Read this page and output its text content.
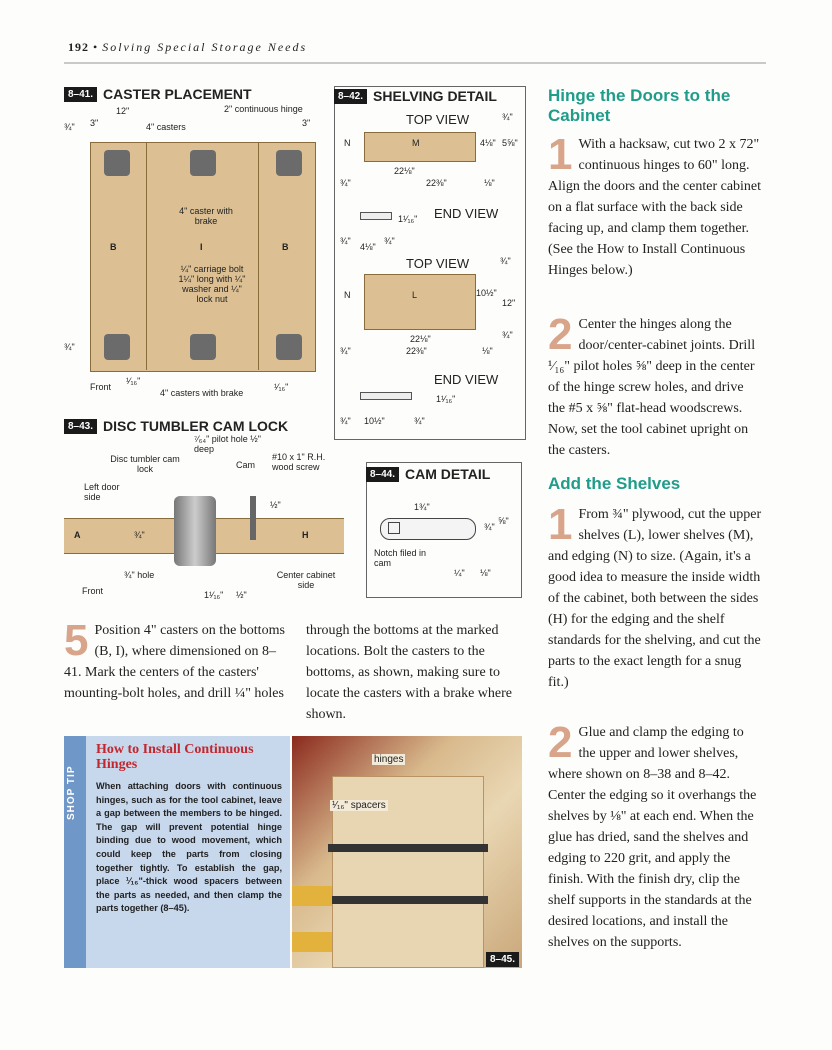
192 • Solving Special Storage Needs
8–41. CASTER PLACEMENT
12"	2" continuous hinge
3"	4" casters	3"
¾"
4" caster with brake
B	I	B
¼" carriage bolt 1¼" long with ¼" washer and ¼" lock nut
¾"
Front
¹⁄₁₆"
4" casters with brake
¹⁄₁₆"
8–42. SHELVING DETAIL
TOP VIEW	¾"
N	M	4⅛" 5⅝"
22⅛"
22⅜"	⅛"
¾"
END VIEW
1¹⁄₁₆"
¾"
4⅛"
¾"
TOP VIEW	¾"
N	L	10½"
12"
¾"
22⅛"
22⅜"	⅛"
¾"
END VIEW
1¹⁄₁₆"
¾" 10½"	¾"
8–43. DISC TUMBLER CAM LOCK
⁷⁄₆₄" pilot hole ½" deep
Disc tumbler cam lock	Cam
#10 x 1" R.H. wood screw
Left door side
A	¾"	H
½"
¾" hole
Front	1¹⁄₁₆" ½"
Center cabinet side
8–44. CAM DETAIL
1¾"
¾"
⅝"
Notch filed in cam
¼" ⅛"
5 Position 4" casters on the bottoms (B, I), where dimensioned on 8–41. Mark the centers of the casters' mounting-bolt holes, and drill ¼" holes
through the bottoms at the marked locations. Bolt the casters to the bottoms, as shown, making sure to locate the casters with a brake where shown.
Hinge the Doors to the Cabinet
1 With a hacksaw, cut two 2 x 72" continuous hinges to 60" long. Align the doors and the center cabinet on a flat surface with the back side facing up, and clamp them together. (See the How to Install Continuous Hinges below.)
2 Center the hinges along the door/center-cabinet joints. Drill ¹⁄₁₆" pilot holes ⅝" deep in the center of the hinge screw holes, and drive the #5 x ⅝" flat-head woodscrews. Now, set the tool cabinet upright on the casters.
Add the Shelves
1 From ¾" plywood, cut the upper shelves (L), lower shelves (M), and edging (N) to size. (Again, it's a good idea to measure the inside width of the cabinet, both between the sides (H) for the edging and the shelf standards for the shelving, and cut the parts to the exact length for a snug fit.)
2 Glue and clamp the edging to the upper and lower shelves, where shown on 8–38 and 8–42. Center the edging so it overhangs the shelves by ⅛" at each end. When the glue has dried, sand the shelves and edging to 220 grit, and apply the finish. With the finish dry, clip the shelf supports in the standards at the desired locations, and install the shelves on the supports.
SHOP TIP
How to Install Continuous Hinges
When attaching doors with continuous hinges, such as for the tool cabinet, leave a gap between the members to be hinged. The gap will prevent potential hinge binding due to wood movement, which could keep the parts from closing together tightly. To establish the gap, place ¹⁄₁₆"-thick wood spacers between the parts as needed, and then clamp the parts together (8–45).
hinges
¹⁄₁₆" spacers
8–45.
